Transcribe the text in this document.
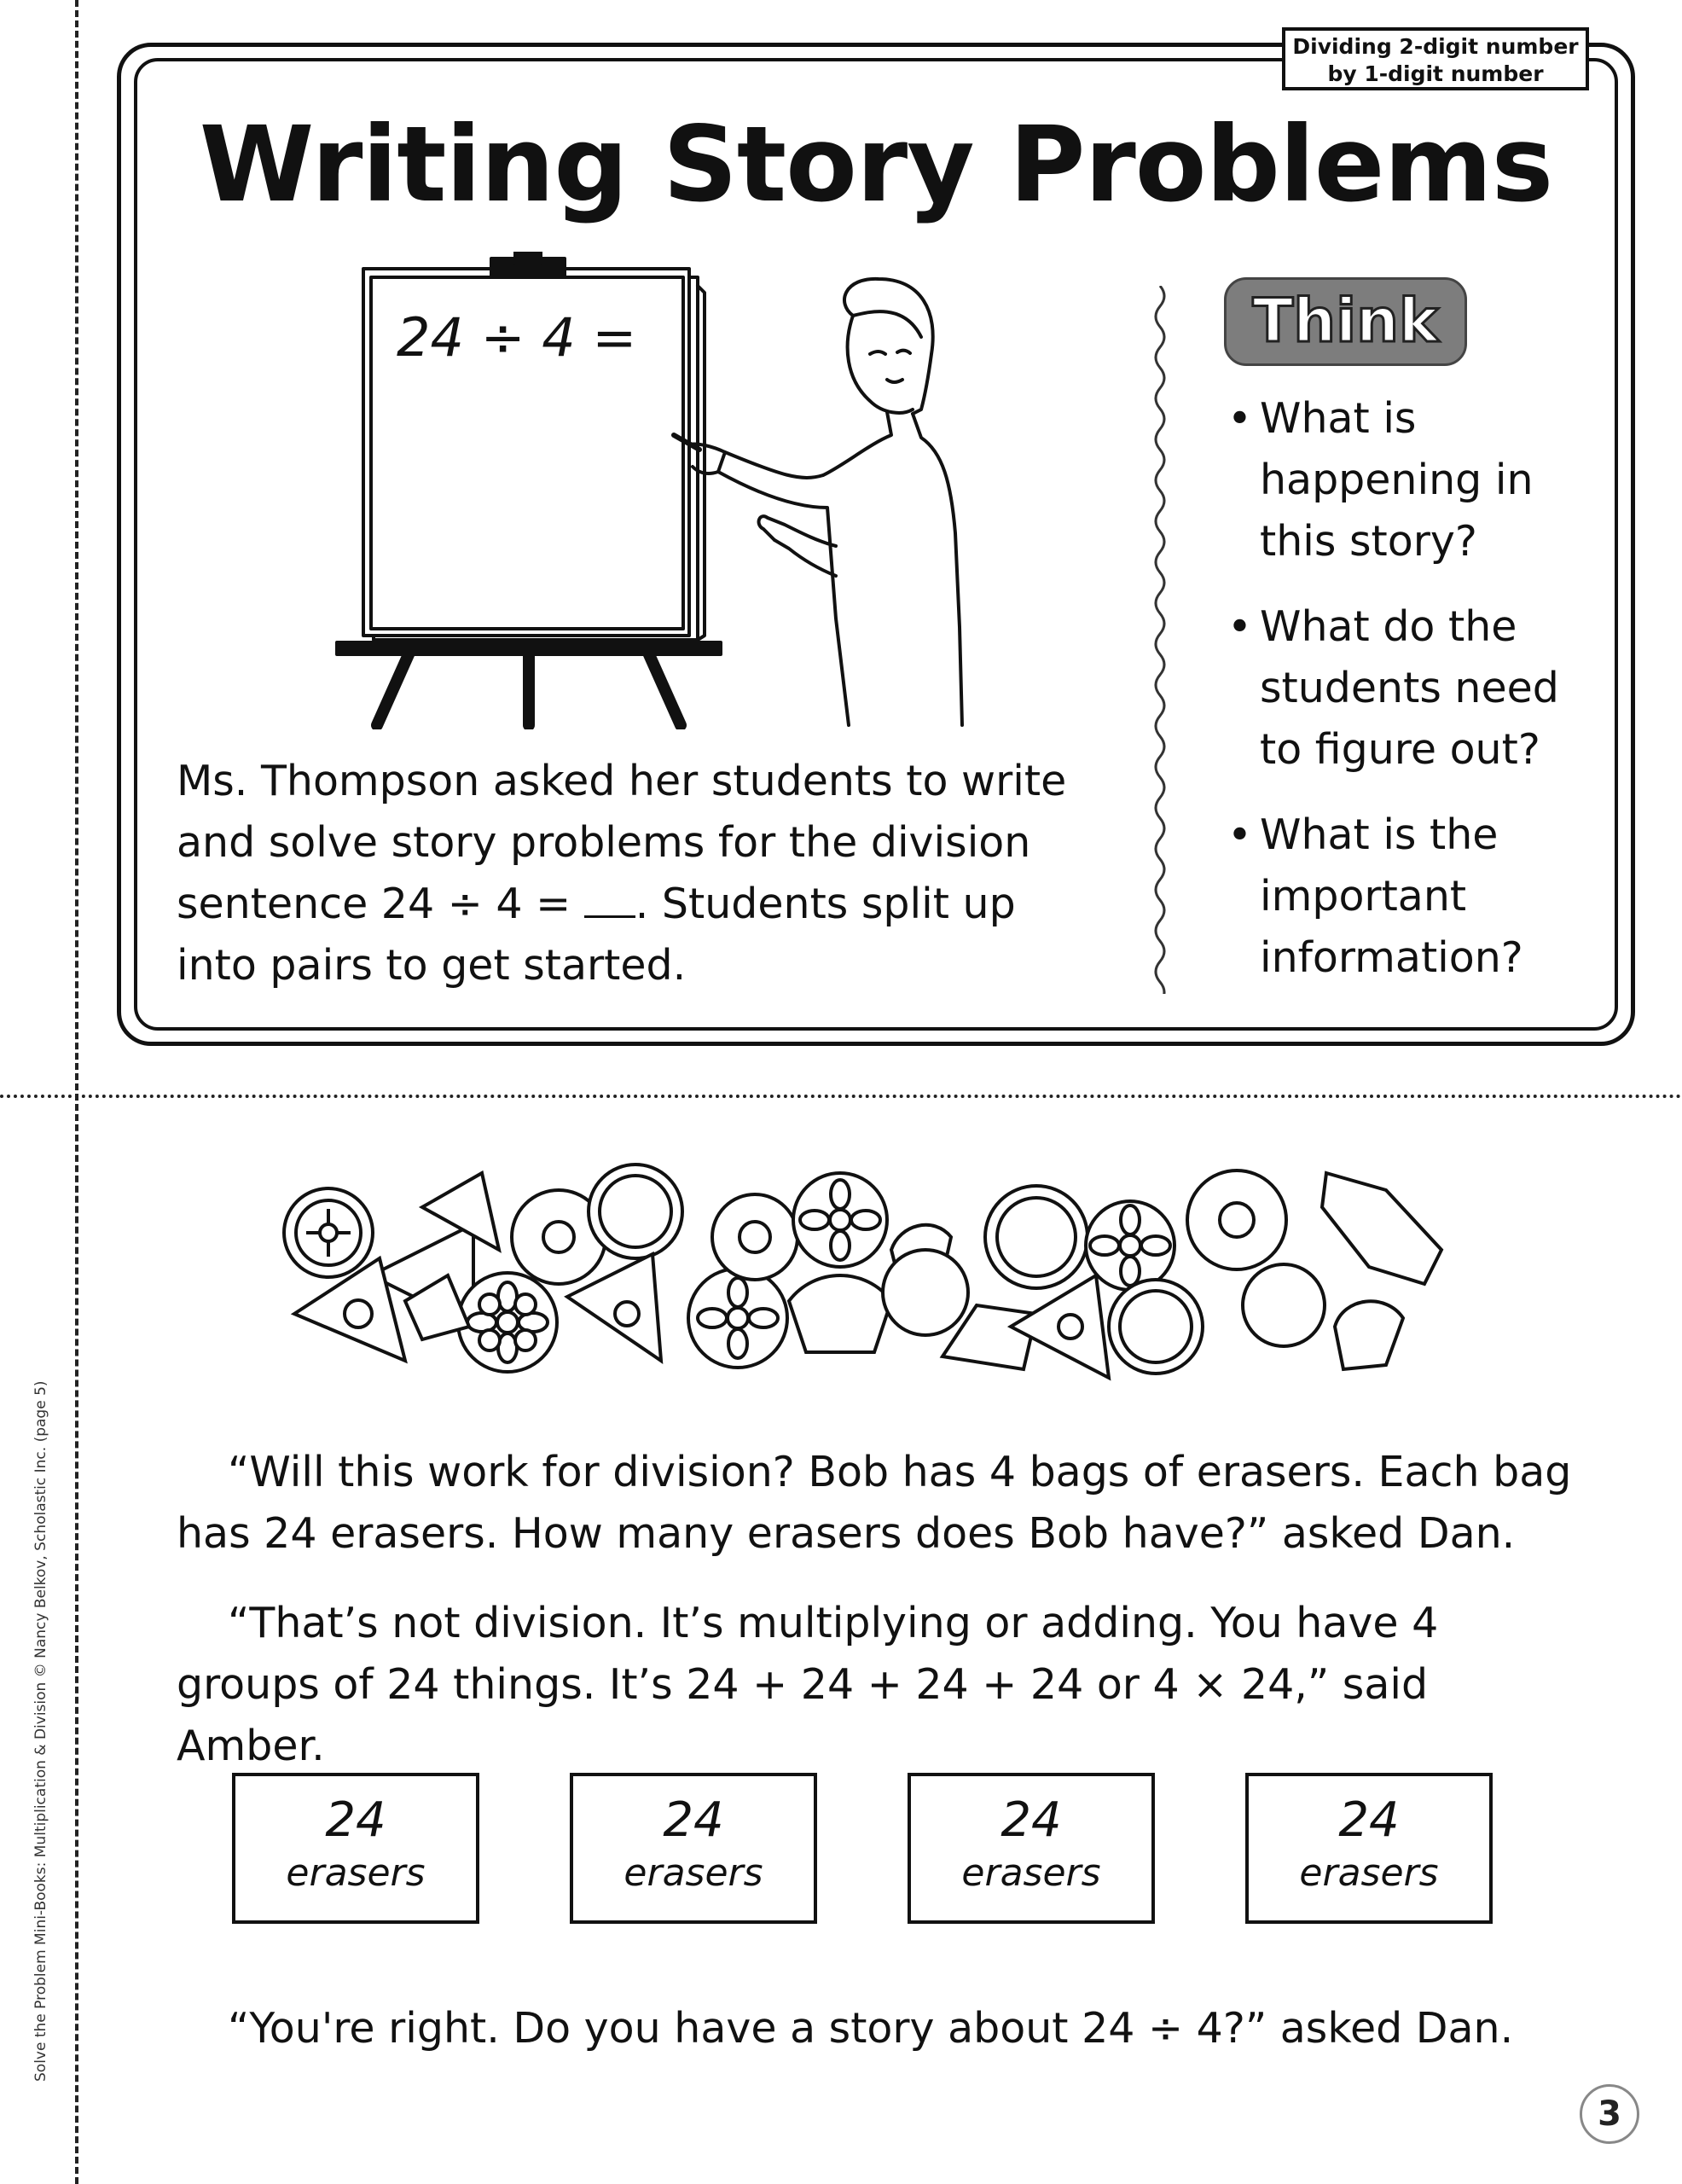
Solve the Problem Mini-Books: Multiplication & Division © Nancy Belkov, Scholastic Inc. (page 5)
Dividing 2-digit number
by 1-digit number
Writing Story Problems
24 ÷ 4 =	Think
• What is happening in this story?
• What do the students need to figure out?
• What is the important information?
Ms. Thompson asked her students to write and solve story problems for the division sentence 24 ÷ 4 = . Students split up into pairs to get started.
“Will this work for division? Bob has 4 bags of erasers. Each bag has 24 erasers. How many erasers does Bob have?” asked Dan.
“That’s not division. It’s multiplying or adding. You have 4 groups of 24 things. It’s 24 + 24 + 24 + 24 or 4 × 24,” said Amber.
24
erasers
24
erasers
24
erasers
24
erasers
“You're right. Do you have a story about 24 ÷ 4?” asked Dan.
3
